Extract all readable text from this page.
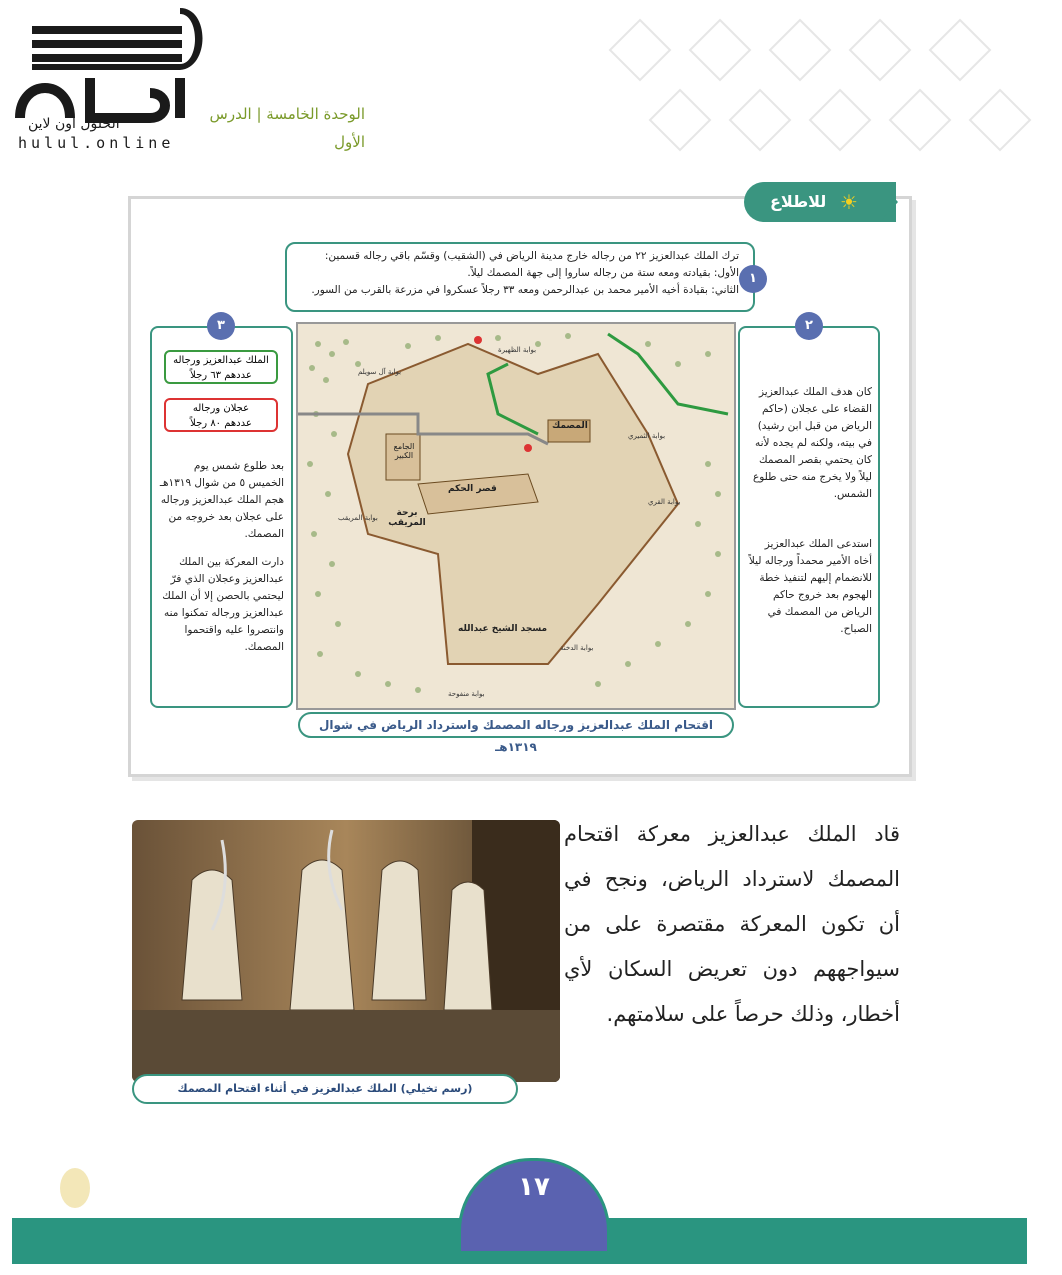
الحلول اون لاين
hulul.online
الوحدة الخامسة | الدرس الأول
للاطلاع ☀
ترك الملك عبدالعزيز ٢٢ من رجاله خارج مدينة الرياض في (الشقيب) وقسّم باقي رجاله قسمين:
الأول: بقيادته ومعه ستة من رجاله ساروا إلى جهة المصمك ليلاً.
الثاني: بقيادة أخيه الأمير محمد بن عبدالرحمن ومعه ٣٣ رجلاً عسكروا في مزرعة بالقرب من السور.
١
٢
كان هدف الملك عبدالعزيز القضاء على عجلان (حاكم الرياض من قبل ابن رشيد) في بيته، ولكنه لم يجده لأنه كان يحتمي بقصر المصمك ليلاً ولا يخرج منه حتى طلوع الشمس.
استدعى الملك عبدالعزيز أخاه الأمير محمداً ورجاله ليلاً للانضمام إليهم لتنفيذ خطة الهجوم بعد خروج حاكم الرياض من المصمك في الصباح.
٣
الملك عبدالعزيز ورجاله
عددهم ٦٣ رجلاً
عجلان ورجاله
عددهم ٨٠ رجلاً
بعد طلوع شمس يوم الخميس ٥ من شوال ١٣١٩هـ هجم الملك عبدالعزيز ورجاله على عجلان بعد خروجه من المصمك.
دارت المعركة بين الملك عبدالعزيز وعجلان الذي فرّ ليحتمي بالحصن إلا أن الملك عبدالعزيز ورجاله تمكنوا منه وانتصروا عليه واقتحموا المصمك.
المصمك
الجامع الكبير
قصر الحكم
برحة المريقب
مسجد الشيخ عبدالله
بوابة آل سويلم
بوابة الثميري
بوابة القري
بوابة المريقب
بوابة الدخنة
بوابة منفوحة
بوابة الظهيرة
اقتحام الملك عبدالعزيز ورجاله المصمك واسترداد الرياض في شوال ١٣١٩هـ
قاد الملك عبدالعزيز معركة اقتحام المصمك لاسترداد الرياض، ونجح في أن تكون المعركة مقتصرة على من سيواجههم دون تعريض السكان لأي أخطار، وذلك حرصاً على سلامتهم.
(رسم تخيلي) الملك عبدالعزيز في أثناء اقتحام المصمك
١٧
